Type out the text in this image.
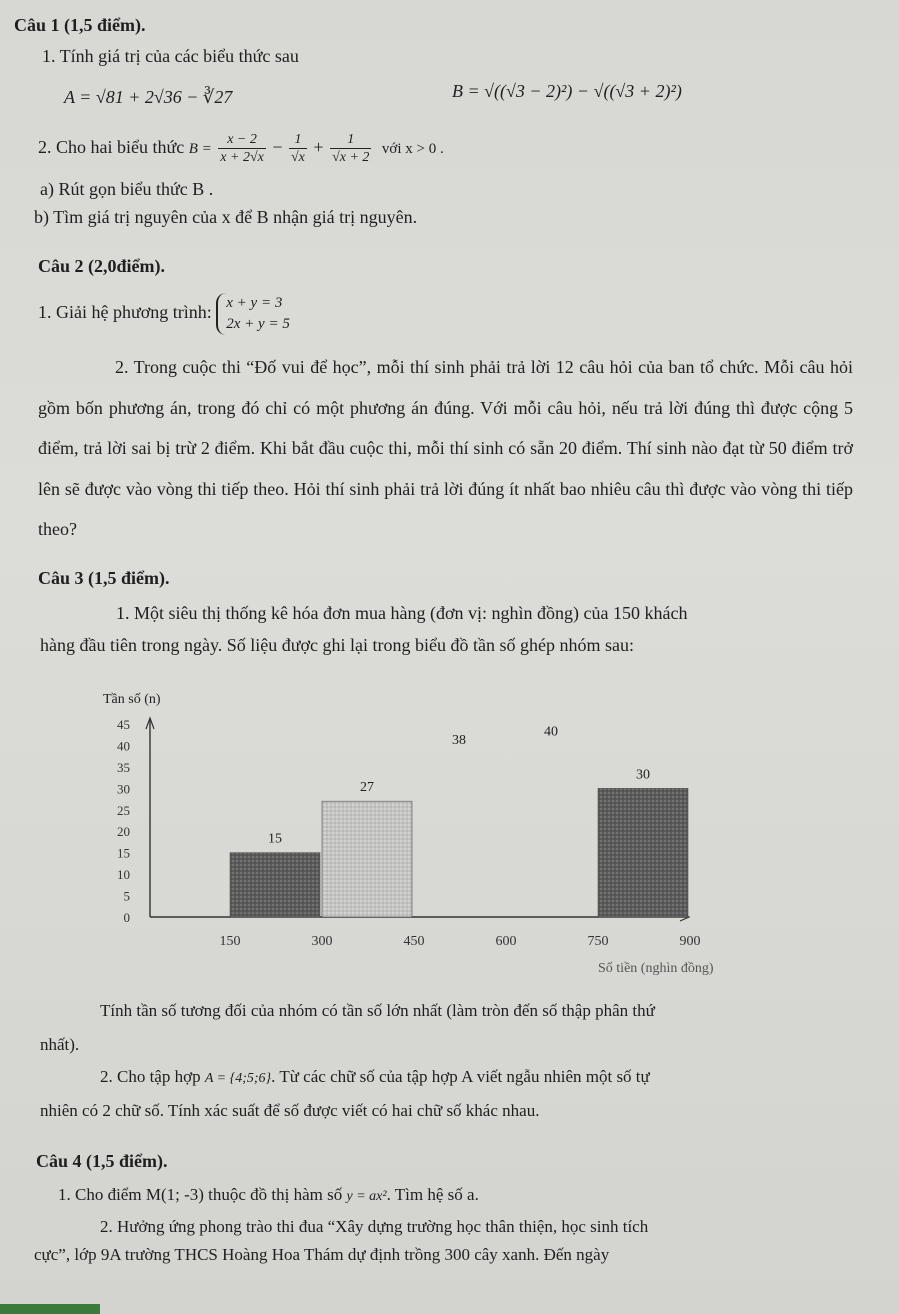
Câu 1 (1,5 điểm).
1. Tính giá trị của các biểu thức sau
A = √81 + 2√36 − ∛27	B = √((√3 − 2)²) − √((√3 + 2)²)
2. Cho hai biểu thức $B = \frac{x - 2}{x + 2√x} - \frac{1}{√x} + \frac{1}{√x + 2}$ với x > 0 .
a) Rút gọn biểu thức B .
b) Tìm giá trị nguyên của x để B nhận giá trị nguyên.
Câu 2 (2,0điểm).
1. Giải hệ phương trình: x + y = 3
2x + y = 5
2. Trong cuộc thi “Đố vui để học”, mỗi thí sinh phải trả lời 12 câu hỏi của ban tổ chức. Mỗi câu hỏi gồm bốn phương án, trong đó chỉ có một phương án đúng. Với mỗi câu hỏi, nếu trả lời đúng thì được cộng 5 điểm, trả lời sai bị trừ 2 điểm. Khi bắt đầu cuộc thi, mỗi thí sinh có sẵn 20 điểm. Thí sinh nào đạt từ 50 điểm trở lên sẽ được vào vòng thi tiếp theo. Hỏi thí sinh phải trả lời đúng ít nhất bao nhiêu câu thì được vào vòng thi tiếp theo?
Câu 3 (1,5 điểm).
1. Một siêu thị thống kê hóa đơn mua hàng (đơn vị: nghìn đồng) của 150 khách
hàng đầu tiên trong ngày. Số liệu được ghi lại trong biểu đồ tần số ghép nhóm sau:
Tần số (n)
0
5
10
15
20
25
30
35
40
45
15
27
38
40
30
150	300	450	600	750	900
Số tiền (nghìn đồng)
Tính tần số tương đối của nhóm có tần số lớn nhất (làm tròn đến số thập phân thứ
nhất).
2. Cho tập hợp A = {4;5;6}. Từ các chữ số của tập hợp A viết ngẫu nhiên một số tự
nhiên có 2 chữ số. Tính xác suất để số được viết có hai chữ số khác nhau.
Câu 4 (1,5 điểm).
1. Cho điểm M(1; -3) thuộc đồ thị hàm số y = ax². Tìm hệ số a.
2. Hưởng ứng phong trào thi đua “Xây dựng trường học thân thiện, học sinh tích
cực”, lớp 9A trường THCS Hoàng Hoa Thám dự định trồng 300 cây xanh. Đến ngày
